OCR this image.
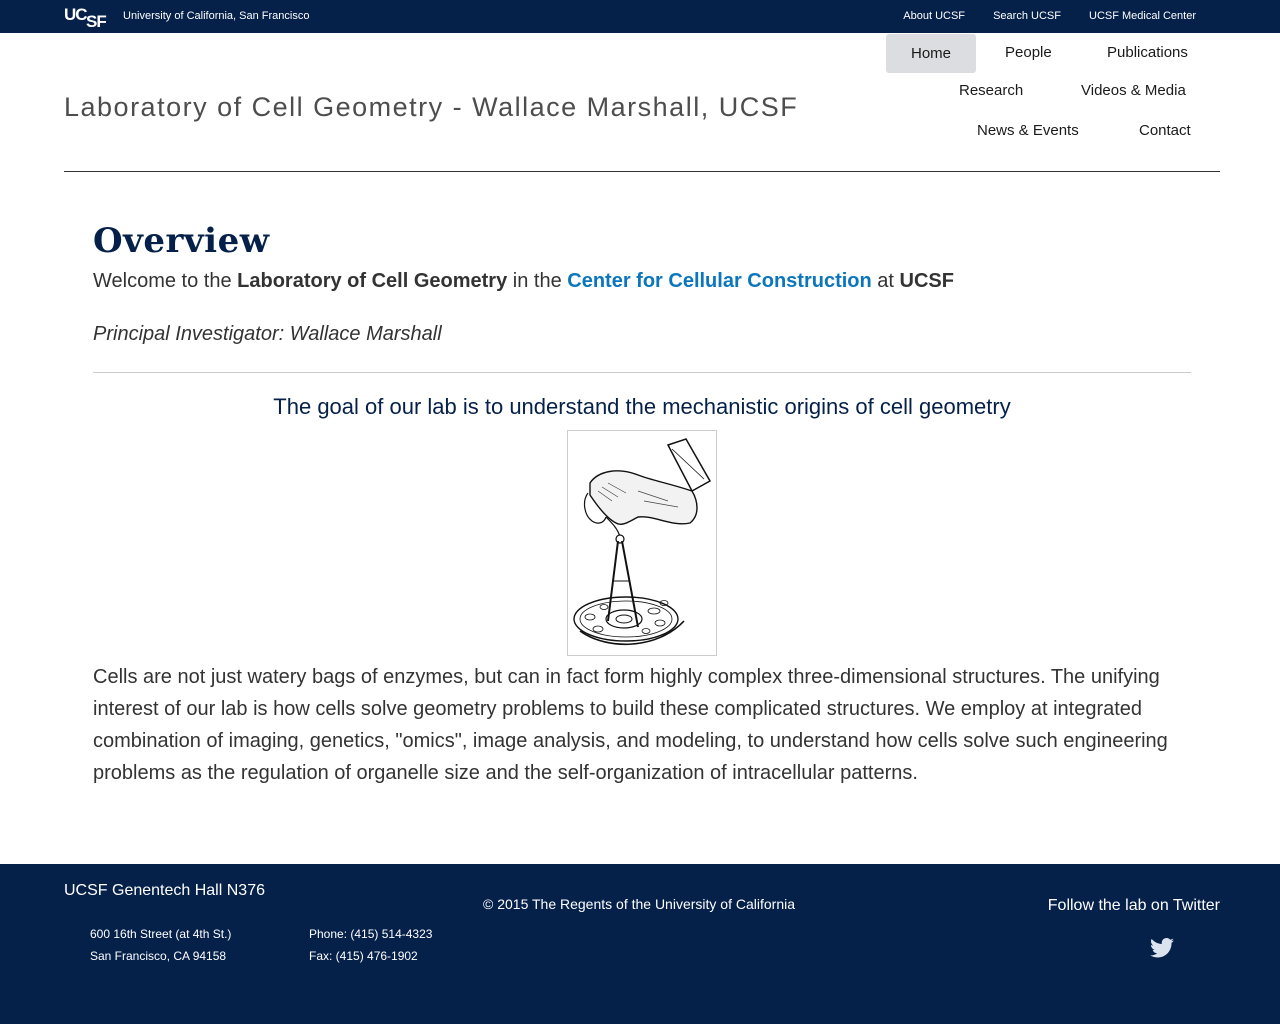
UC SF University of California, San Francisco	About UCSF	Search UCSF	UCSF Medical Center
Laboratory of Cell Geometry - Wallace Marshall, UCSF
Home	People	Publications
Research	Videos & Media
News & Events	Contact
Overview

Welcome to the Laboratory of Cell Geometry in the Center for Cellular Construction at UCSF

Principal Investigator: Wallace Marshall

The goal of our lab is to understand the mechanistic origins of cell geometry

Cells are not just watery bags of enzymes, but can in fact form highly complex three-dimensional structures. The unifying interest of our lab is how cells solve geometry problems to build these complicated structures. We employ at integrated combination of imaging, genetics, "omics", image analysis, and modeling, to understand how cells solve such engineering problems as the regulation of organelle size and the self-organization of intracellular patterns.

UCSF Genentech Hall N376
600 16th Street (at 4th St.)
San Francisco, CA 94158
Phone: (415) 514-4323
Fax: (415) 476-1902
© 2015 The Regents of the University of California	Follow the lab on Twitter
